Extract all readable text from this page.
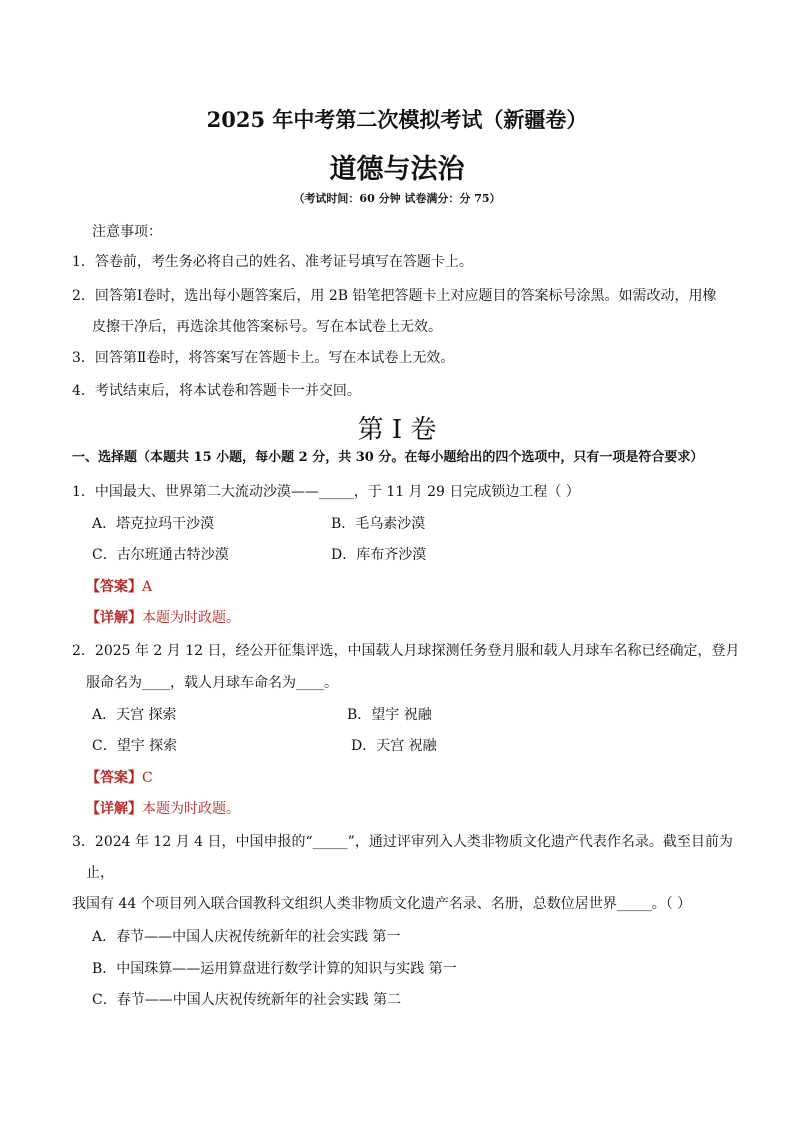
2025 年中考第二次模拟考试（新疆卷）
道德与法治
（考试时间：60 分钟 试卷满分：分 75）
注意事项：
1．答卷前，考生务必将自己的姓名、准考证号填写在答题卡上。
2．回答第Ⅰ卷时，选出每小题答案后，用 2B 铅笔把答题卡上对应题目的答案标号涂黑。如需改动，用橡
皮擦干净后，再选涂其他答案标号。写在本试卷上无效。
3．回答第Ⅱ卷时，将答案写在答题卡上。写在本试卷上无效。
4．考试结束后，将本试卷和答题卡一并交回。
第 I 卷
一、选择题（本题共 15 小题，每小题 2 分，共 30 分。在每小题给出的四个选项中，只有一项是符合要求）
1．中国最大、世界第二大流动沙漠——_____，于 11 月 29 日完成锁边工程（ ）
A．塔克拉玛干沙漠	B．毛乌素沙漠
C．古尔班通古特沙漠	D．库布齐沙漠
【答案】A
【详解】本题为时政题。
2．2025 年 2 月 12 日，经公开征集评选，中国载人月球探测任务登月服和载人月球车名称已经确定，登月
服命名为____，载人月球车命名为____。
A．天宫 探索	B．望宇 祝融
C．望宇 探索	D．天宫 祝融
【答案】C
【详解】本题为时政题。
3．2024 年 12 月 4 日，中国申报的“_____”，通过评审列入人类非物质文化遗产代表作名录。截至目前为
止，
我国有 44 个项目列入联合国教科文组织人类非物质文化遗产名录、名册，总数位居世界_____。（ ）
A．春节——中国人庆祝传统新年的社会实践 第一
B．中国珠算——运用算盘进行数学计算的知识与实践 第一
C．春节——中国人庆祝传统新年的社会实践 第二
